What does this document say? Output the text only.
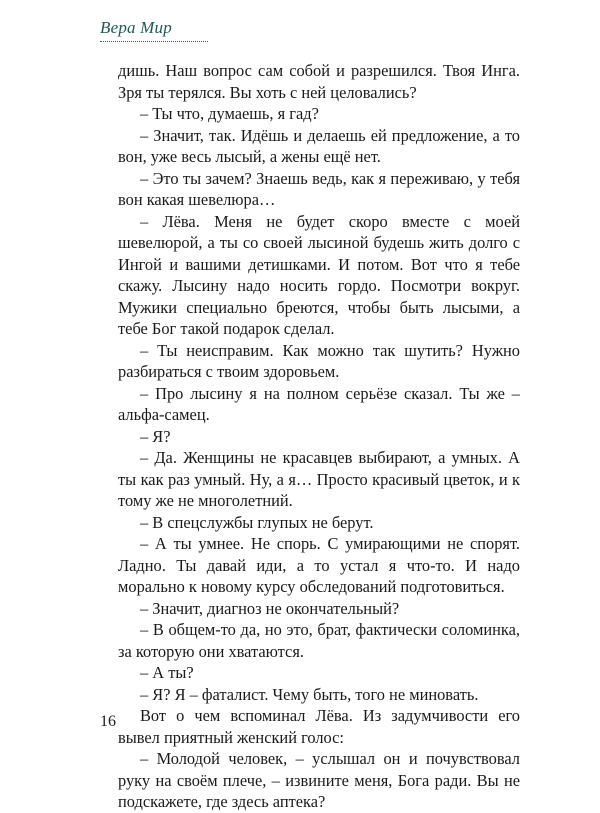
Вера Мир

дишь. Наш вопрос сам собой и разрешился. Твоя Инга. Зря ты терялся. Вы хоть с ней целовались?

– Ты что, думаешь, я гад?

– Значит, так. Идёшь и делаешь ей предложение, а то вон, уже весь лысый, а жены ещё нет.

– Это ты зачем? Знаешь ведь, как я переживаю, у тебя вон какая шевелюра…

– Лёва. Меня не будет скоро вместе с моей шевелюрой, а ты со своей лысиной будешь жить долго с Ингой и вашими детишками. И потом. Вот что я тебе скажу. Лысину надо носить гордо. Посмотри вокруг. Мужики специально бреются, чтобы быть лысыми, а тебе Бог такой подарок сделал.

– Ты неисправим. Как можно так шутить? Нужно разбираться с твоим здоровьем.

– Про лысину я на полном серьёзе сказал. Ты же – альфа-самец.

– Я?

– Да. Женщины не красавцев выбирают, а умных. А ты как раз умный. Ну, а я… Просто красивый цветок, и к тому же не многолетний.

– В спецслужбы глупых не берут.

– А ты умнее. Не спорь. С умирающими не спорят. Ладно. Ты давай иди, а то устал я что-то. И надо морально к новому курсу обследований подготовиться.

– Значит, диагноз не окончательный?

– В общем-то да, но это, брат, фактически соломинка, за которую они хватаются.

– А ты?

– Я? Я – фаталист. Чему быть, того не миновать.

Вот о чем вспоминал Лёва. Из задумчивости его вывел приятный женский голос:

– Молодой человек, – услышал он и почувствовал руку на своём плече, – извините меня, Бога ради. Вы не подскажете, где здесь аптека?

16
